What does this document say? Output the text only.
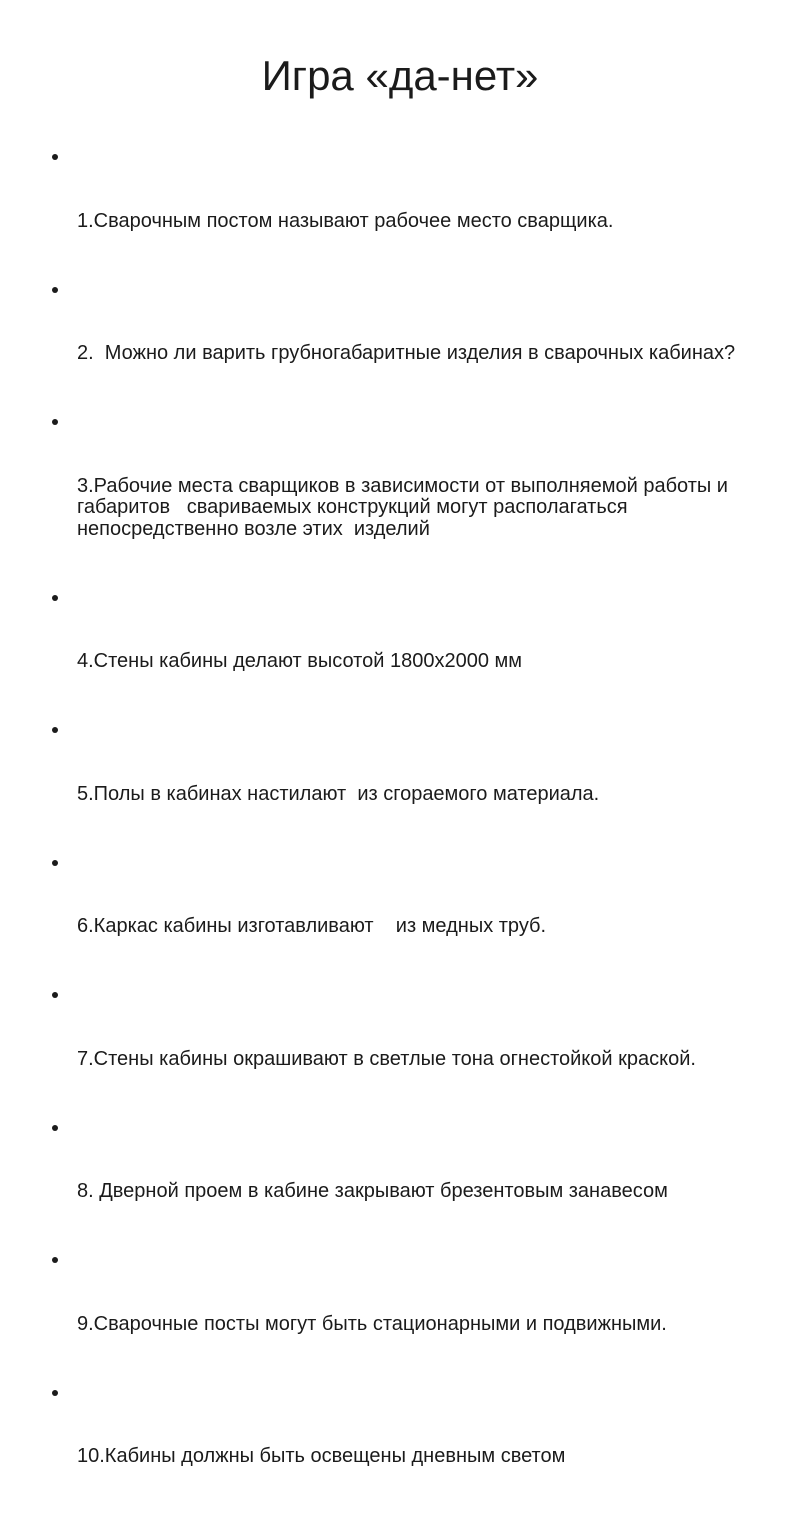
Игра «да-нет»

1.Сварочным постом называют рабочее место сварщика.

2.  Можно ли варить грубногабаритные изделия в сварочных кабинах?

3.Рабочие места сварщиков в зависимости от выполняемой работы и габаритов   свариваемых конструкций могут располагаться непосредственно возле этих  изделий

4.Стены кабины делают высотой 1800х2000 мм

5.Полы в кабинах настилают  из сгораемого материала.

6.Каркас кабины изготавливают    из медных труб.

7.Стены кабины окрашивают в светлые тона огнестойкой краской.

8. Дверной проем в кабине закрывают брезентовым занавесом

9.Сварочные посты могут быть стационарными и подвижными.

10.Кабины должны быть освещены дневным светом
